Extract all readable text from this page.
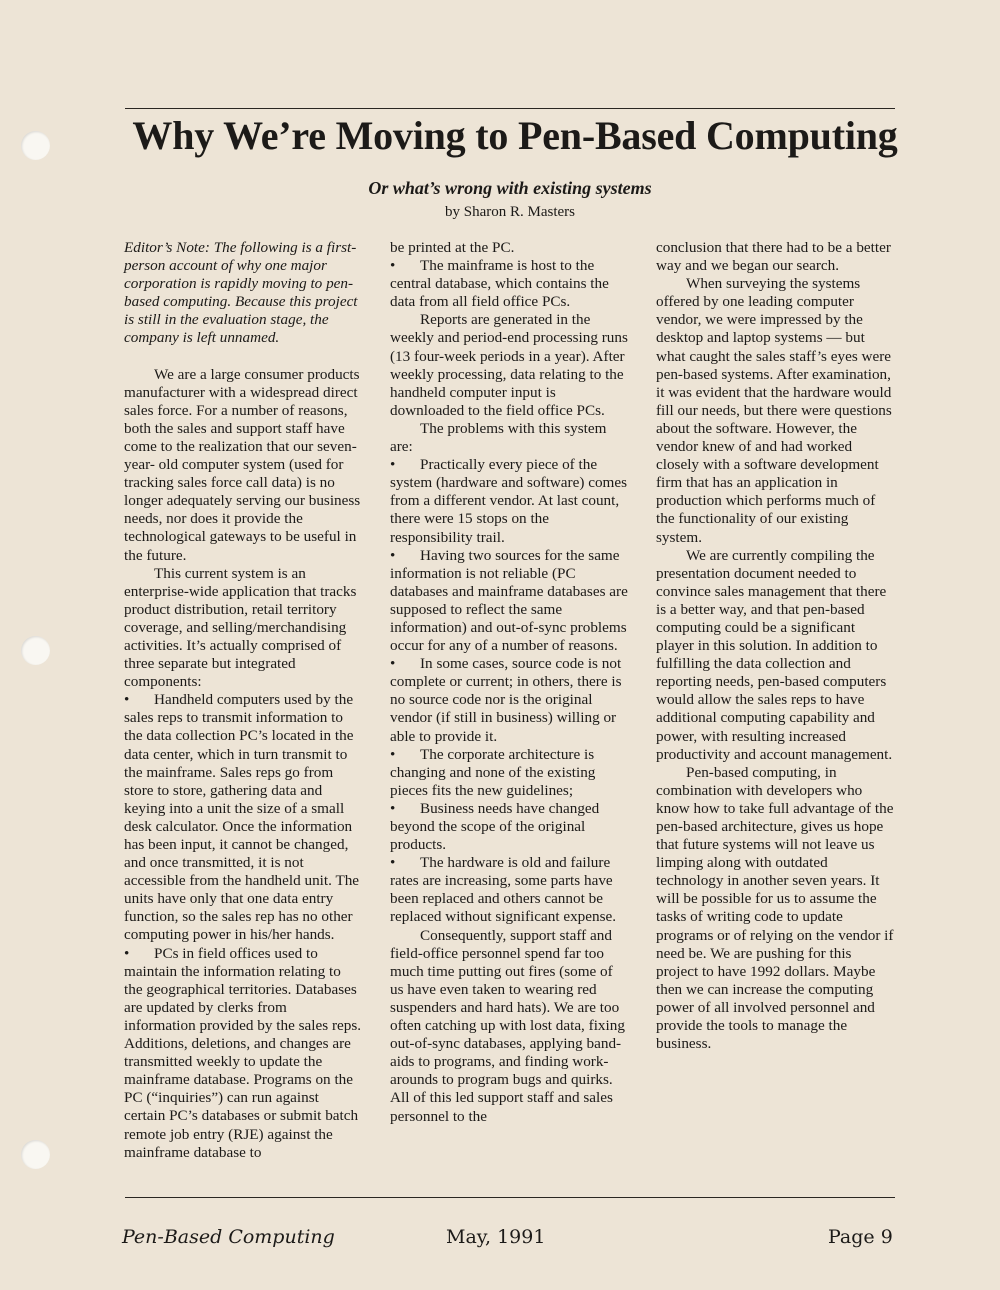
Why We’re Moving to Pen-Based Computing

Or what’s wrong with existing systems

by Sharon R. Masters

Editor’s Note: The following is a first-person account of why one major corporation is rapidly moving to pen-based computing. Because this project is still in the evaluation stage, the company is left unnamed.

We are a large consumer products manufacturer with a widespread direct sales force. For a number of reasons, both the sales and support staff have come to the realization that our seven-year- old computer system (used for tracking sales force call data) is no longer adequately serving our business needs, nor does it provide the technological gateways to be useful in the future.

This current system is an enterprise-wide application that tracks product distribution, retail territory coverage, and selling/merchandising activities. It’s actually comprised of three separate but integrated components:

• Handheld computers used by the sales reps to transmit information to the data collection PC’s located in the data center, which in turn transmit to the mainframe. Sales reps go from store to store, gathering data and keying into a unit the size of a small desk calculator. Once the information has been input, it cannot be changed, and once transmitted, it is not accessible from the handheld unit. The units have only that one data entry function, so the sales rep has no other computing power in his/her hands.

• PCs in field offices used to maintain the information relating to the geographical territories. Databases are updated by clerks from information provided by the sales reps. Additions, deletions, and changes are transmitted weekly to update the mainframe database. Programs on the PC (“inquiries”) can run against certain PC’s databases or submit batch remote job entry (RJE) against the mainframe database to

be printed at the PC.

• The mainframe is host to the central database, which contains the data from all field office PCs.

Reports are generated in the weekly and period-end processing runs (13 four-week periods in a year). After weekly processing, data relating to the handheld computer input is downloaded to the field office PCs.

The problems with this system are:

• Practically every piece of the system (hardware and software) comes from a different vendor. At last count, there were 15 stops on the responsibility trail.

• Having two sources for the same information is not reliable (PC databases and mainframe databases are supposed to reflect the same information) and out-of-sync problems occur for any of a number of reasons.

• In some cases, source code is not complete or current; in others, there is no source code nor is the original vendor (if still in business) willing or able to provide it.

• The corporate architecture is changing and none of the existing pieces fits the new guidelines;

• Business needs have changed beyond the scope of the original products.

• The hardware is old and failure rates are increasing, some parts have been replaced and others cannot be replaced without significant expense.

Consequently, support staff and field-office personnel spend far too much time putting out fires (some of us have even taken to wearing red suspenders and hard hats). We are too often catching up with lost data, fixing out-of-sync databases, applying band-aids to programs, and finding work-arounds to program bugs and quirks. All of this led support staff and sales personnel to the

conclusion that there had to be a better way and we began our search.

When surveying the systems offered by one leading computer vendor, we were impressed by the desktop and laptop systems — but what caught the sales staff’s eyes were pen-based systems. After examination, it was evident that the hardware would fill our needs, but there were questions about the software. However, the vendor knew of and had worked closely with a software development firm that has an application in production which performs much of the functionality of our existing system.

We are currently compiling the presentation document needed to convince sales management that there is a better way, and that pen-based computing could be a significant player in this solution. In addition to fulfilling the data collection and reporting needs, pen-based computers would allow the sales reps to have additional computing capability and power, with resulting increased productivity and account management.

Pen-based computing, in combination with developers who know how to take full advantage of the pen-based architecture, gives us hope that future systems will not leave us limping along with outdated technology in another seven years. It will be possible for us to assume the tasks of writing code to update programs or of relying on the vendor if need be. We are pushing for this project to have 1992 dollars. Maybe then we can increase the computing power of all involved personnel and provide the tools to manage the business.

Pen-Based Computing	May, 1991	Page 9
